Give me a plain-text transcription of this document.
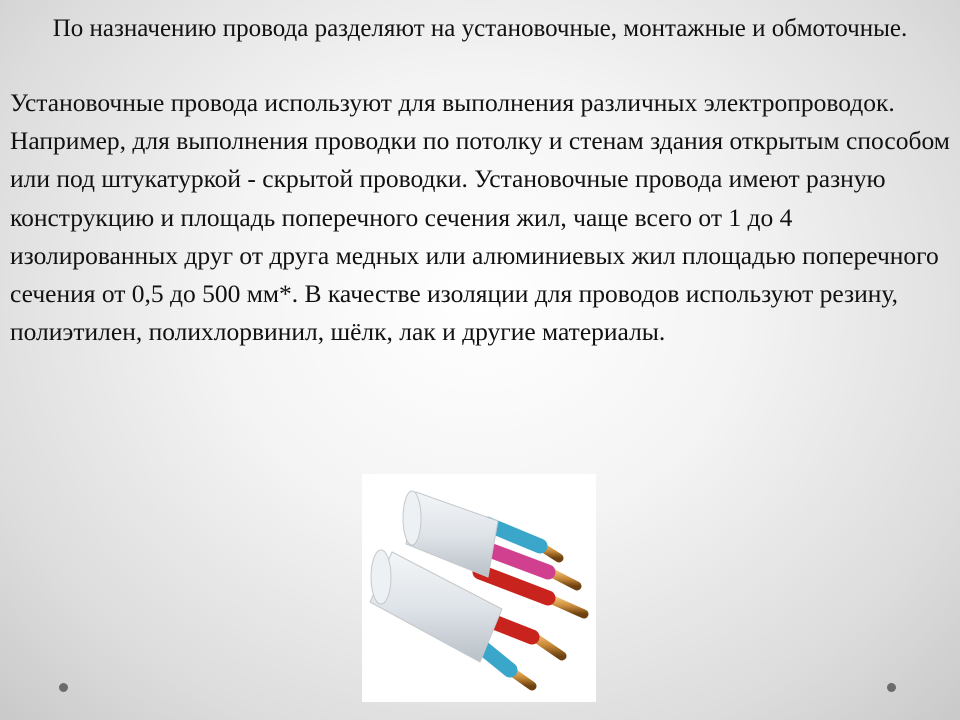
По назначению провода разделяют на установочные, монтажные и обмоточные.
Установочные провода используют для выполнения различных электропроводок. Например, для выполнения проводки по потолку и стенам здания открытым способом или под штукатуркой - скрытой проводки. Установочные провода имеют разную конструкцию и площадь поперечного сечения жил, чаще всего от 1 до 4 изолированных друг от друга медных или алюминиевых жил площадью поперечного сечения от 0,5 до 500 мм*. В качестве изоляции для проводов используют резину, полиэтилен, полихлорвинил, шёлк, лак и другие материалы.
